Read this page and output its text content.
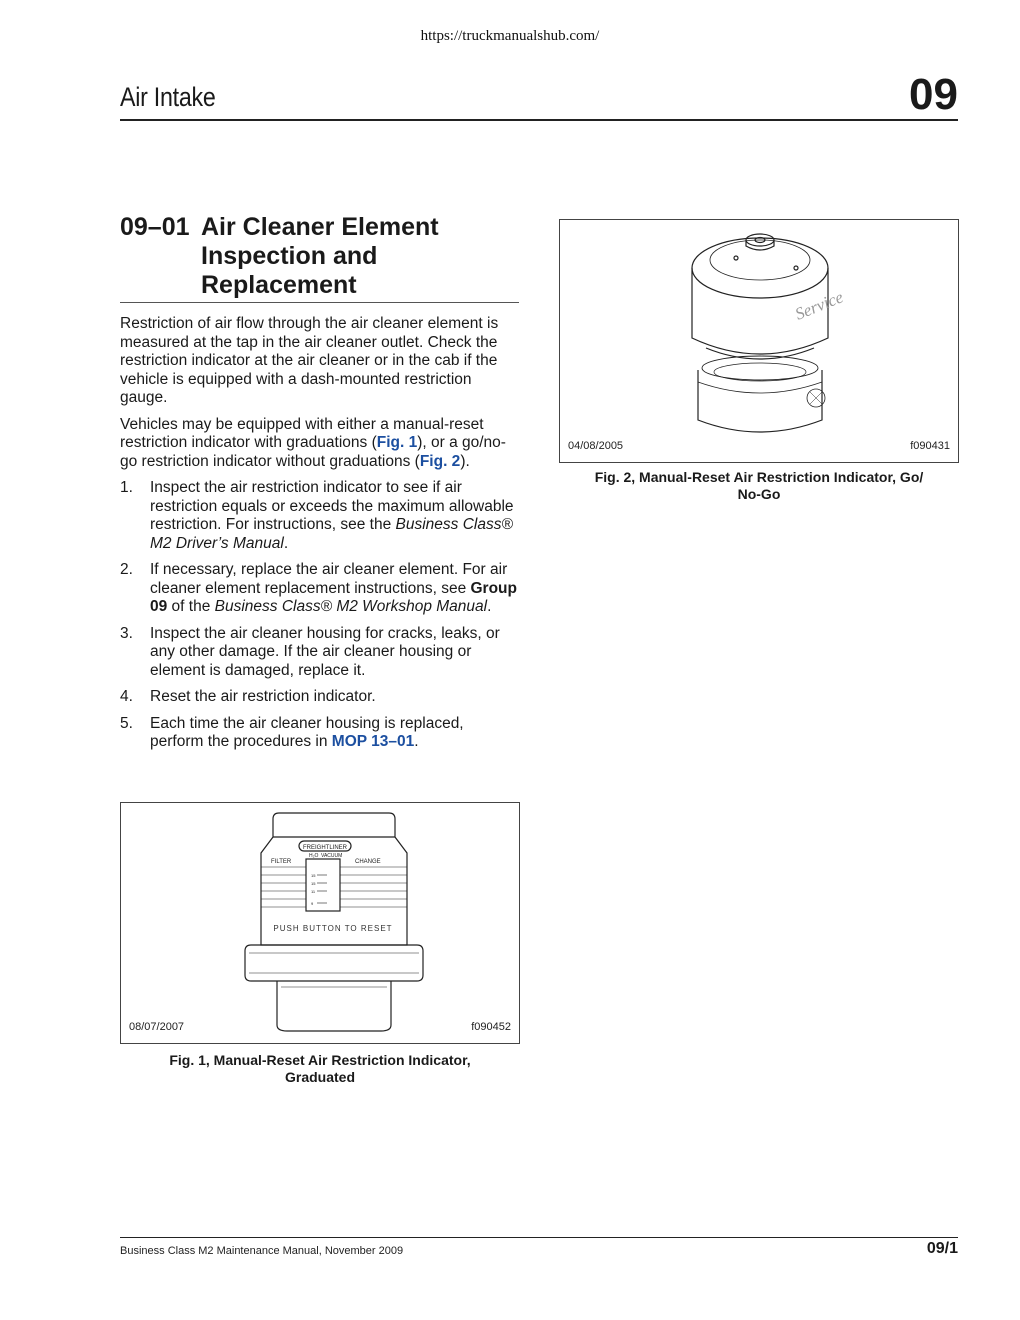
https://truckmanualshub.com/
Air Intake	09
09–01 Air Cleaner Element
Inspection and
Replacement

Restriction of air flow through the air cleaner element is measured at the tap in the air cleaner outlet. Check the restriction indicator at the air cleaner or in the cab if the vehicle is equipped with a dash-mounted restriction gauge.

Vehicles may be equipped with either a manual-reset restriction indicator with graduations (Fig. 1), or a go/no-go restriction indicator without graduations (Fig. 2).

1. Inspect the air restriction indicator to see if air restriction equals or exceeds the maximum allowable restriction. For instructions, see the Business Class® M2 Driver’s Manual.
2. If necessary, replace the air cleaner element. For air cleaner element replacement instructions, see Group 09 of the Business Class® M2 Workshop Manual.
3. Inspect the air cleaner housing for cracks, leaks, or any other damage. If the air cleaner housing or element is damaged, replace it.
4. Reset the air restriction indicator.
5. Each time the air cleaner housing is replaced, perform the procedures in MOP 13–01.
FREIGHTLINER
FILTER	CHANGE
H₂O VACUUM
15
15
11
9
PUSH BUTTON TO RESET
08/07/2007	f090452
Fig. 1, Manual-Reset Air Restriction Indicator,
Graduated
Service
04/08/2005	f090431
Fig. 2, Manual-Reset Air Restriction Indicator, Go/
No-Go
Business Class M2 Maintenance Manual, November 2009	09/1
